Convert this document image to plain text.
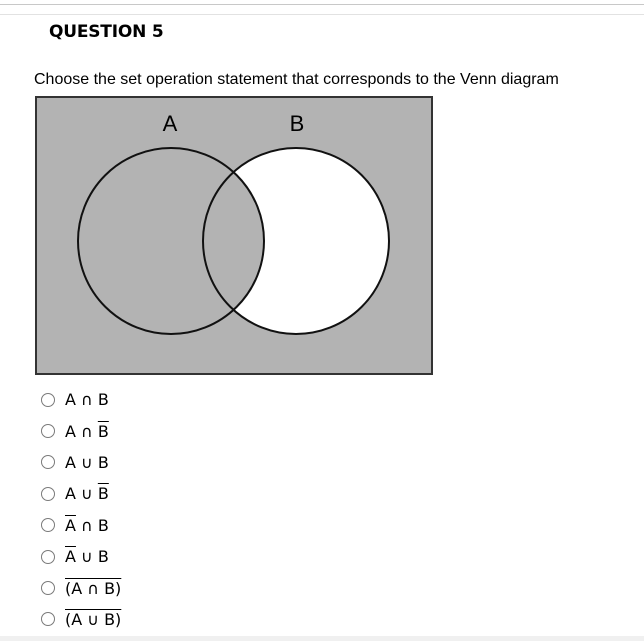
QUESTION 5
Choose the set operation statement that corresponds to the Venn diagram
A	B
A ∩ B
A ∩ $\overline{B}$
A ∪ B
A ∪ $\overline{B}$
$\overline{A}$ ∩ B
$\overline{A}$ ∪ B
(A ∩ B)
(A ∪ B)
